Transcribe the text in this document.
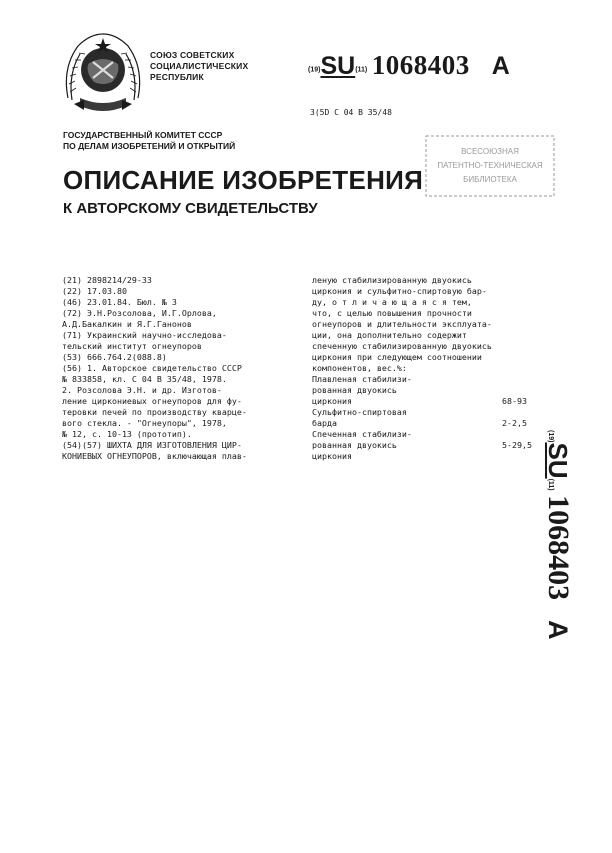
СОЮЗ СОВЕТСКИХ
СОЦИАЛИСТИЧЕСКИХ
РЕСПУБЛИК
(19)SU(11) 1068403 A
3(5D C 04 B 35/48
ГОСУДАРСТВЕННЫЙ КОМИТЕТ СССР
ПО ДЕЛАМ ИЗОБРЕТЕНИЙ И ОТКРЫТИЙ
ВСЕСОЮЗНАЯ
ПАТЕНТНО-ТЕХНИЧЕСКАЯ
БИБЛИОТЕКА
ОПИСАНИЕ ИЗОБРЕТЕНИЯ
К АВТОРСКОМУ СВИДЕТЕЛЬСТВУ
(21) 2898214/29-33
(22) 17.03.80
(46) 23.01.84. Бюл. № 3
(72) Э.Н.Розсолова, И.Г.Орлова,
А.Д.Бакалкин и Я.Г.Ганонов
(71) Украинский научно-исследова-
тельский институт огнеупоров
(53) 666.764.2(088.8)
(56) 1. Авторское свидетельство СССР
№ 833858, кл. С 04 В 35/48, 1978.
2. Розсолова Э.Н. и др. Изготов-
ление циркониевых огнеупоров для фу-
теровки печей по производству кварце-
вого стекла. - "Огнеупоры", 1978,
№ 12, с. 10-13 (прототип).
(54)(57) ШИХТА ДЛЯ ИЗГОТОВЛЕНИЯ ЦИР-
КОНИЕВЫХ ОГНЕУПОРОВ, включающая плав-
леную стабилизированную двуокись
циркония и сульфитно-спиртовую бар-
ду, о т л и ч а ю щ а я с я тем,
что, с целью повышения прочности
огнеупоров и длительности эксплуата-
ции, она дополнительно содержит
спеченную стабилизированную двуокись
циркония при следующем соотношении
компонентов, вес.%:
Плавленая стабилизи-
рованная двуокись
циркония	68-93
Сульфитно-спиртовая
барда	2-2,5
Спеченная стабилизи-
рованная двуокись
циркония
5-29,5
(19)SU(11) 1068403A
